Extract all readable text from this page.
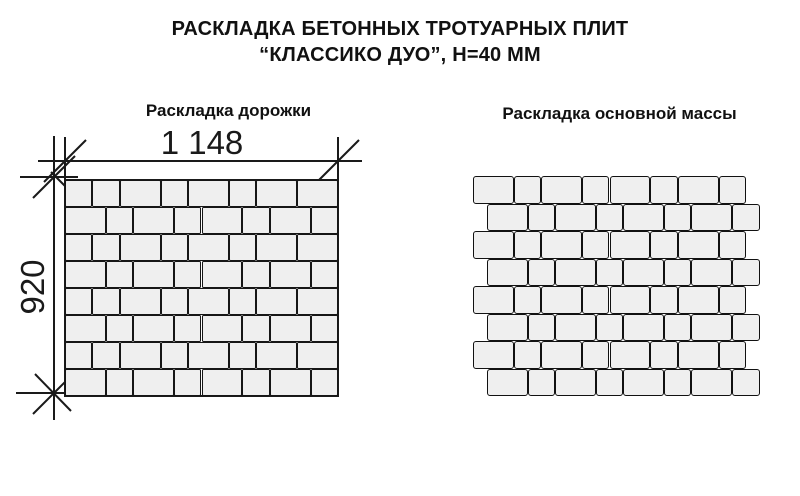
РАСКЛАДКА БЕТОННЫХ ТРОТУАРНЫХ ПЛИТ
“КЛАССИКО ДУО”, Н=40 ММ
Раскладка дорожки	Раскладка основной массы
1 148
920
